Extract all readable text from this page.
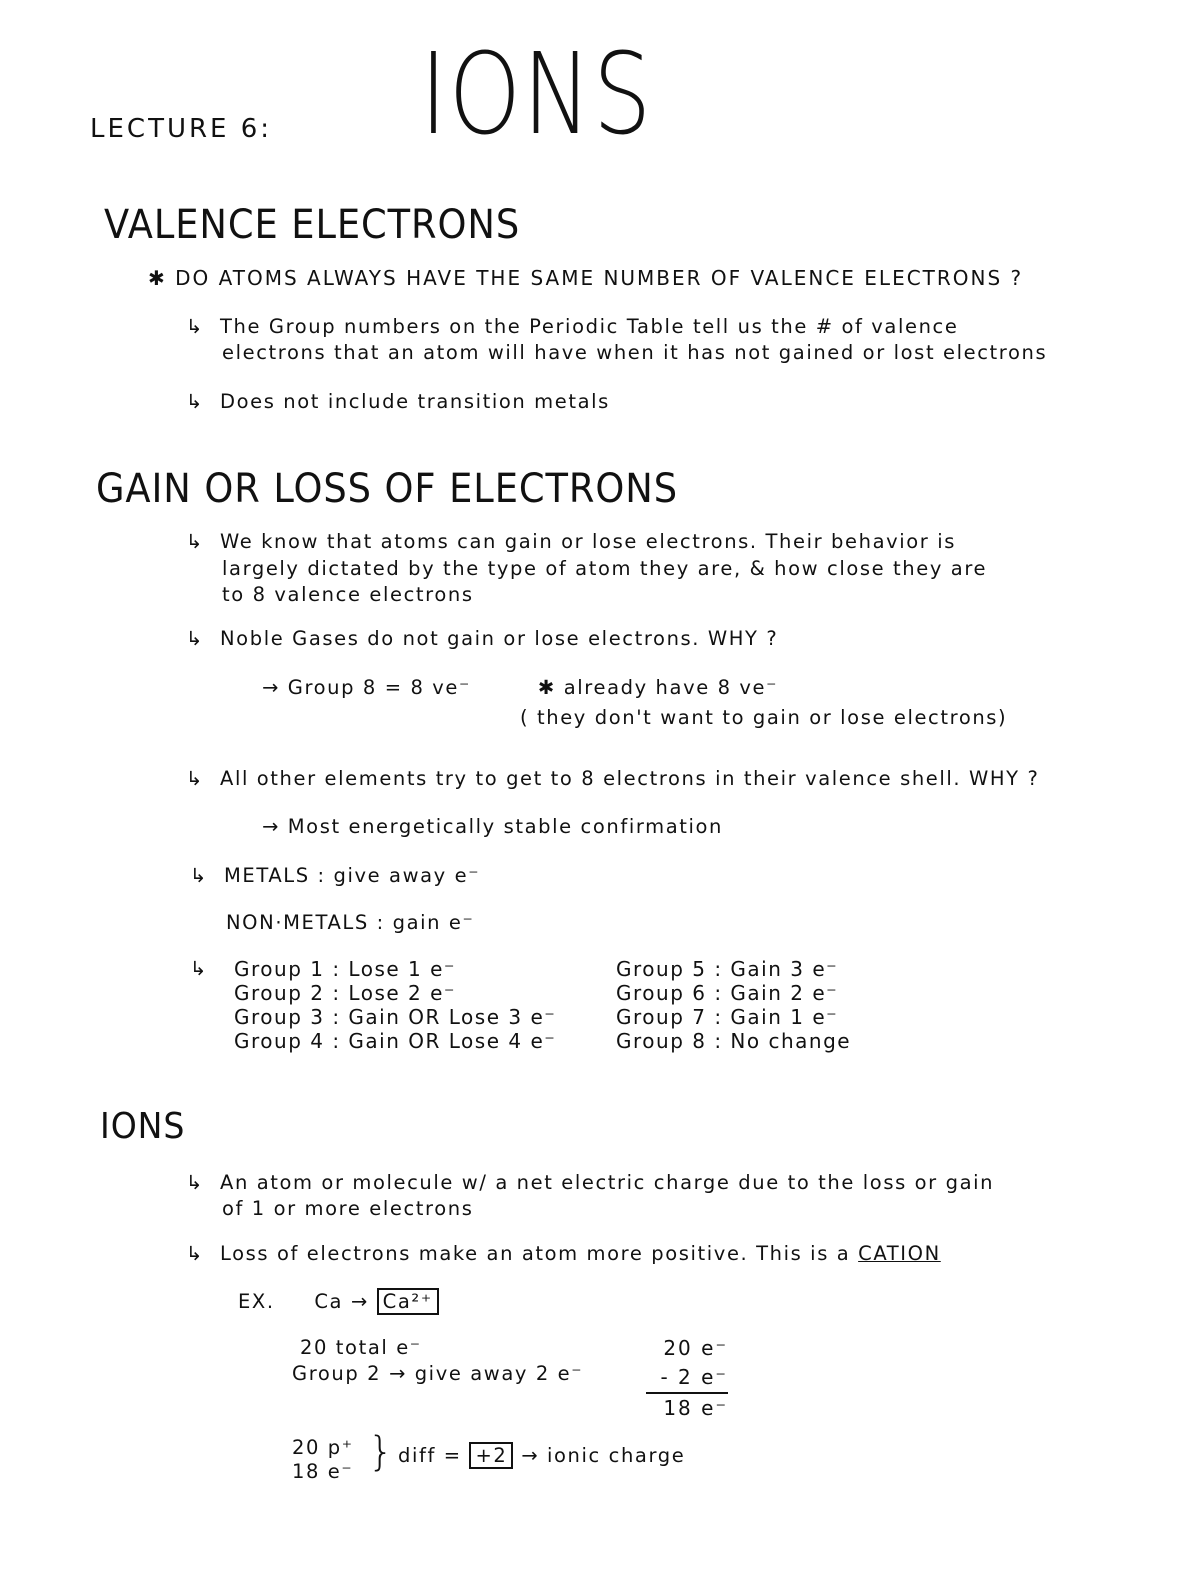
LECTURE 6: IONS
VALENCE ELECTRONS
✱ DO ATOMS ALWAYS HAVE THE SAME NUMBER OF VALENCE ELECTRONS ?
↳ The Group numbers on the Periodic Table tell us the # of valence
electrons that an atom will have when it has not gained or lost electrons
↳ Does not include transition metals
GAIN OR LOSS OF ELECTRONS
↳ We know that atoms can gain or lose electrons. Their behavior is
largely dictated by the type of atom they are, & how close they are
to 8 valence electrons
↳ Noble Gases do not gain or lose electrons. WHY ?
→ Group 8 = 8 ve⁻	✱ already have 8 ve⁻
( they don't want to gain or lose electrons)
↳ All other elements try to get to 8 electrons in their valence shell. WHY ?
→ Most energetically stable confirmation
↳ METALS : give away e⁻
NON·METALS : gain e⁻
↳	Group 1 : Lose 1 e⁻
Group 2 : Lose 2 e⁻
Group 3 : Gain OR Lose 3 e⁻
Group 4 : Gain OR Lose 4 e⁻
Group 5 : Gain 3 e⁻
Group 6 : Gain 2 e⁻
Group 7 : Gain 1 e⁻
Group 8 : No change
IONS
↳ An atom or molecule w/ a net electric charge due to the loss or gain
of 1 or more electrons
↳ Loss of electrons make an atom more positive. This is a CATION
EX. Ca → Ca²⁺
20 total e⁻
Group 2 → give away 2 e⁻
20 e⁻
- 2 e⁻
18 e⁻
20 p⁺
18 e⁻ } diff = +2 → ionic charge
